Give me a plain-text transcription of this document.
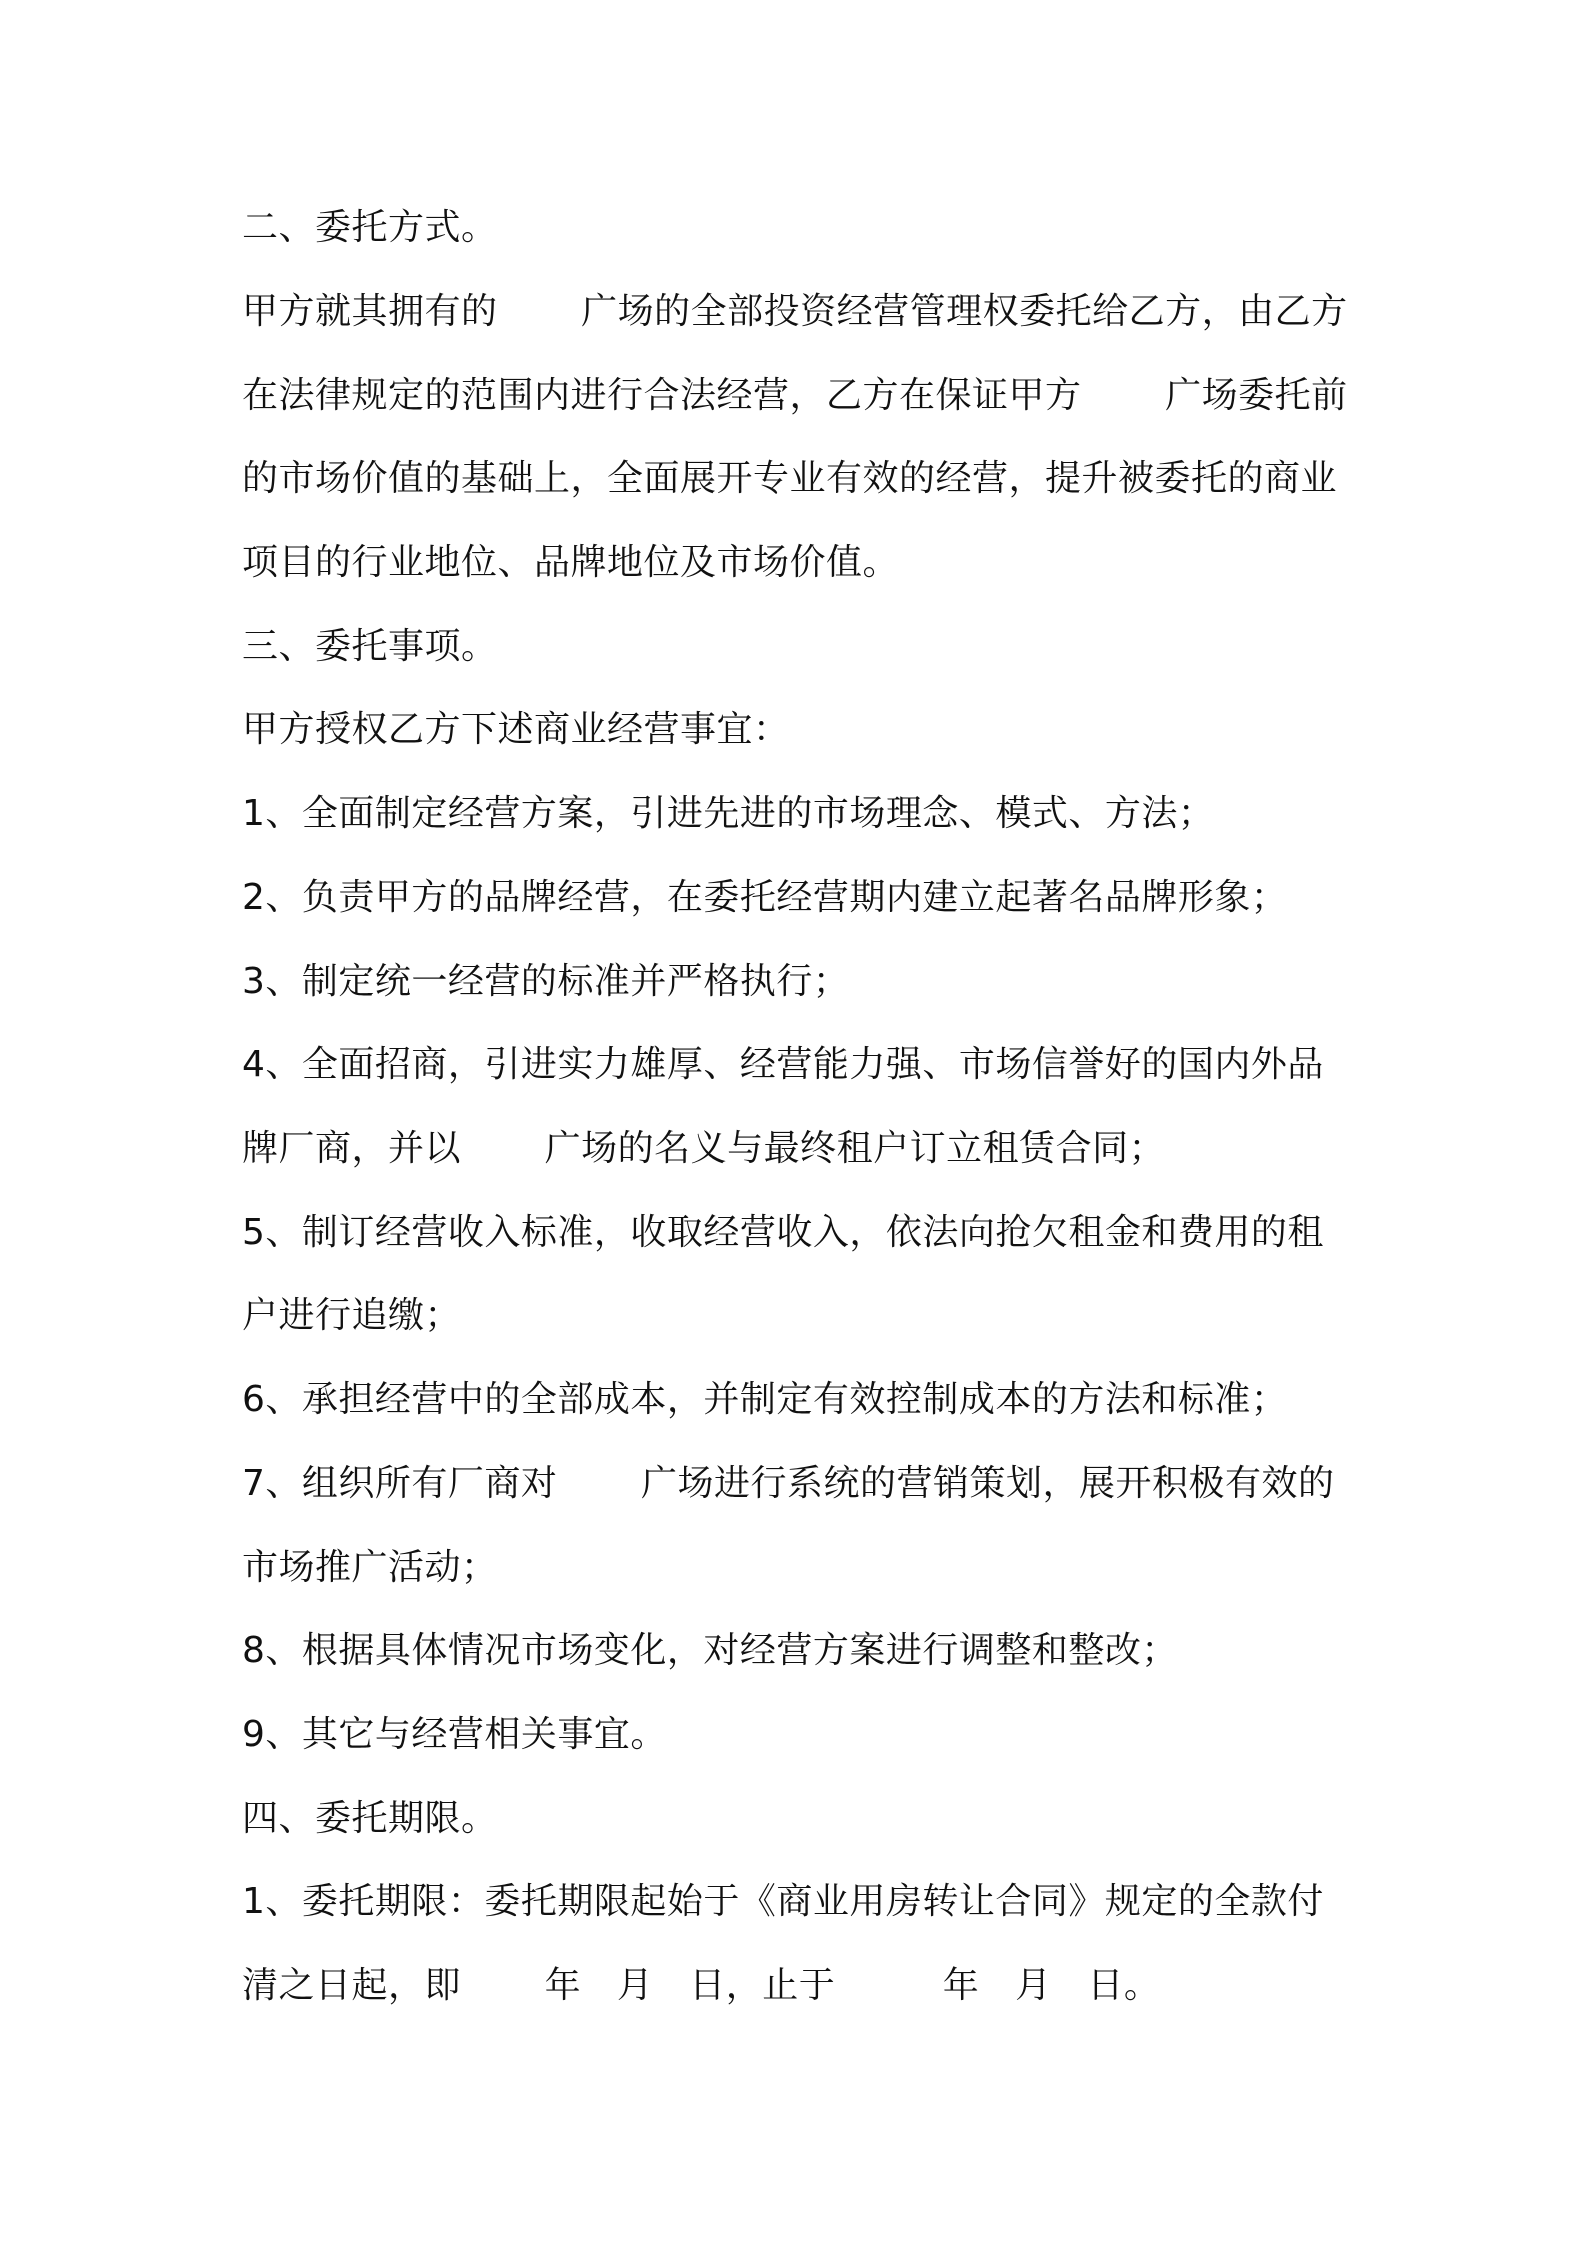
二、委托方式。
甲方就其拥有的       广场的全部投资经营管理权委托给乙方，由乙方
在法律规定的范围内进行合法经营，乙方在保证甲方       广场委托前
的市场价值的基础上，全面展开专业有效的经营，提升被委托的商业
项目的行业地位、品牌地位及市场价值。
三、委托事项。
甲方授权乙方下述商业经营事宜：
1、全面制定经营方案，引进先进的市场理念、模式、方法；
2、负责甲方的品牌经营，在委托经营期内建立起著名品牌形象；
3、制定统一经营的标准并严格执行；
4、全面招商，引进实力雄厚、经营能力强、市场信誉好的国内外品
牌厂商，并以       广场的名义与最终租户订立租赁合同；
5、制订经营收入标准，收取经营收入，依法向抢欠租金和费用的租
户进行追缴；
6、承担经营中的全部成本，并制定有效控制成本的方法和标准；
7、组织所有厂商对       广场进行系统的营销策划，展开积极有效的
市场推广活动；
8、根据具体情况市场变化，对经营方案进行调整和整改；
9、其它与经营相关事宜。
四、委托期限。
1、委托期限：委托期限起始于《商业用房转让合同》规定的全款付
清之日起，即       年   月   日，止于         年   月   日。
